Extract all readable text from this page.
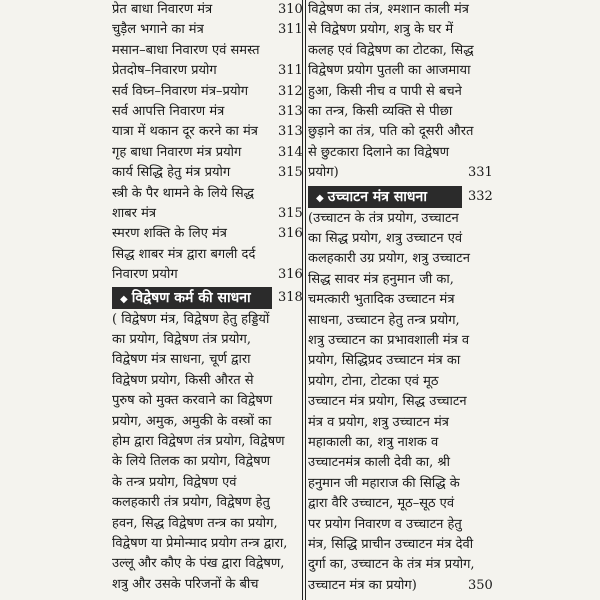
प्रेत बाधा निवारण मंत्र	310
चुड़ैल भगाने का मंत्र	311
मसान–बाधा निवारण एवं समस्त
प्रेतदोष–निवारण प्रयोग	311
सर्व विघ्न–निवारण मंत्र–प्रयोग 312
सर्व आपत्ति निवारण मंत्र	313
यात्रा में थकान दूर करने का मंत्र 313
गृह बाधा निवारण मंत्र प्रयोग	314
कार्य सिद्धि हेतु मंत्र प्रयोग	315
स्त्री के पैर थामने के लिये सिद्ध
शाबर मंत्र	315
स्मरण शक्ति के लिए मंत्र	316
सिद्ध शाबर मंत्र द्वारा बगली दर्द
निवारण प्रयोग	316
◆ विद्वेषण कर्म की साधना	318
( विद्वेषण मंत्र, विद्वेषण हेतु हड्डियों
का प्रयोग, विद्वेषण तंत्र प्रयोग,
विद्वेषण मंत्र साधना, चूर्ण द्वारा
विद्वेषण प्रयोग, किसी औरत से
पुरुष को मुक्त करवाने का विद्वेषण
प्रयोग, अमुक, अमुकी के वस्त्रों का
होम द्वारा विद्वेषण तंत्र प्रयोग, विद्वेषण
के लिये तिलक का प्रयोग, विद्वेषण
के तन्त्र प्रयोग, विद्वेषण एवं
कलहकारी तंत्र प्रयोग, विद्वेषण हेतु
हवन, सिद्ध विद्वेषण तन्त्र का प्रयोग,
विद्वेषण या प्रेमोन्माद प्रयोग तन्त्र द्वारा,
उल्लू और कौए के पंख द्वारा विद्वेषण,
शत्रु और उसके परिजनों के बीच
विद्वेषण का तंत्र, श्मशान काली मंत्र
से विद्वेषण प्रयोग, शत्रु के घर में
कलह एवं विद्वेषण का टोटका, सिद्ध
विद्वेषण प्रयोग पुतली का आजमाया
हुआ, किसी नीच व पापी से बचने
का तन्त्र, किसी व्यक्ति से पीछा
छुड़ाने का तंत्र, पति को दूसरी औरत
से छुटकारा दिलाने का विद्वेषण
प्रयोग)	331
◆ उच्चाटन मंत्र साधना	332
(उच्चाटन के तंत्र प्रयोग, उच्चाटन
का सिद्ध प्रयोग, शत्रु उच्चाटन एवं
कलहकारी उग्र प्रयोग, शत्रु उच्चाटन
सिद्ध सावर मंत्र हनुमान जी का,
चमत्कारी भुतादिक उच्चाटन मंत्र
साधना, उच्चाटन हेतु तन्त्र प्रयोग,
शत्रु उच्चाटन का प्रभावशाली मंत्र व
प्रयोग, सिद्धिप्रद उच्चाटन मंत्र का
प्रयोग, टोना, टोटका एवं मूठ
उच्चाटन मंत्र प्रयोग, सिद्ध उच्चाटन
मंत्र व प्रयोग, शत्रु उच्चाटन मंत्र
महाकाली का, शत्रु नाशक व
उच्चाटनमंत्र काली देवी का, श्री
हनुमान जी महाराज की सिद्धि के
द्वारा वैरि उच्चाटन, मूठ–सूठ एवं
पर प्रयोग निवारण व उच्चाटन हेतु
मंत्र, सिद्धि प्राचीन उच्चाटन मंत्र देवी
दुर्गा का, उच्चाटन के तंत्र मंत्र प्रयोग,
उच्चाटन मंत्र का प्रयोग)	350
